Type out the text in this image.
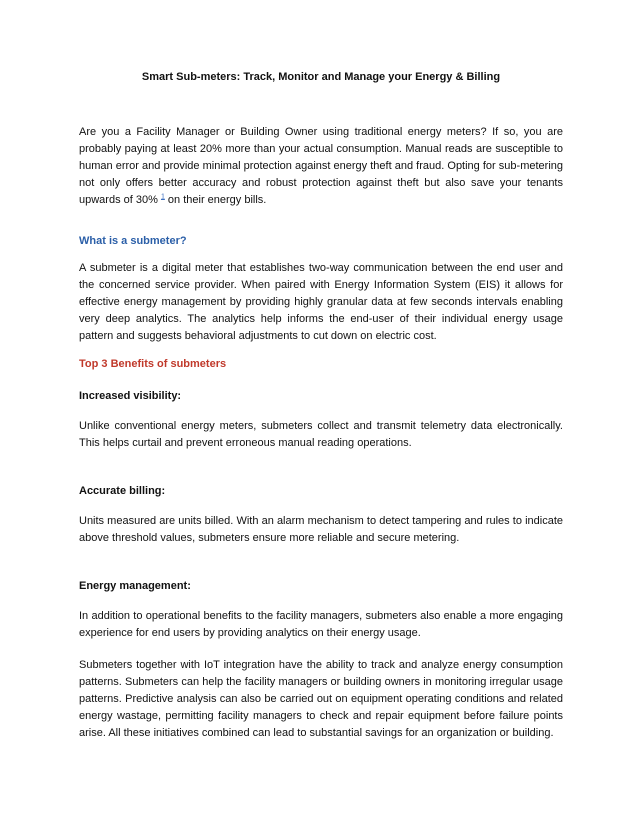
Smart Sub-meters: Track, Monitor and Manage your Energy & Billing

Are you a Facility Manager or Building Owner using traditional energy meters? If so, you are probably paying at least 20% more than your actual consumption. Manual reads are susceptible to human error and provide minimal protection against energy theft and fraud. Opting for sub-metering not only offers better accuracy and robust protection against theft but also save your tenants upwards of 30% $^1$ on their energy bills.

What is a submeter?

A submeter is a digital meter that establishes two-way communication between the end user and the concerned service provider. When paired with Energy Information System (EIS) it allows for effective energy management by providing highly granular data at few seconds intervals enabling very deep analytics. The analytics help informs the end-user of their individual energy usage pattern and suggests behavioral adjustments to cut down on electric cost.

Top 3 Benefits of submeters
Increased visibility:

Unlike conventional energy meters, submeters collect and transmit telemetry data electronically. This helps curtail and prevent erroneous manual reading operations.

Accurate billing:

Units measured are units billed. With an alarm mechanism to detect tampering and rules to indicate above threshold values, submeters ensure more reliable and secure metering.

Energy management:

In addition to operational benefits to the facility managers, submeters also enable a more engaging experience for end users by providing analytics on their energy usage.

Submeters together with IoT integration have the ability to track and analyze energy consumption patterns. Submeters can help the facility managers or building owners in monitoring irregular usage patterns. Predictive analysis can also be carried out on equipment operating conditions and related energy wastage, permitting facility managers to check and repair equipment before failure points arise. All these initiatives combined can lead to substantial savings for an organization or building.
